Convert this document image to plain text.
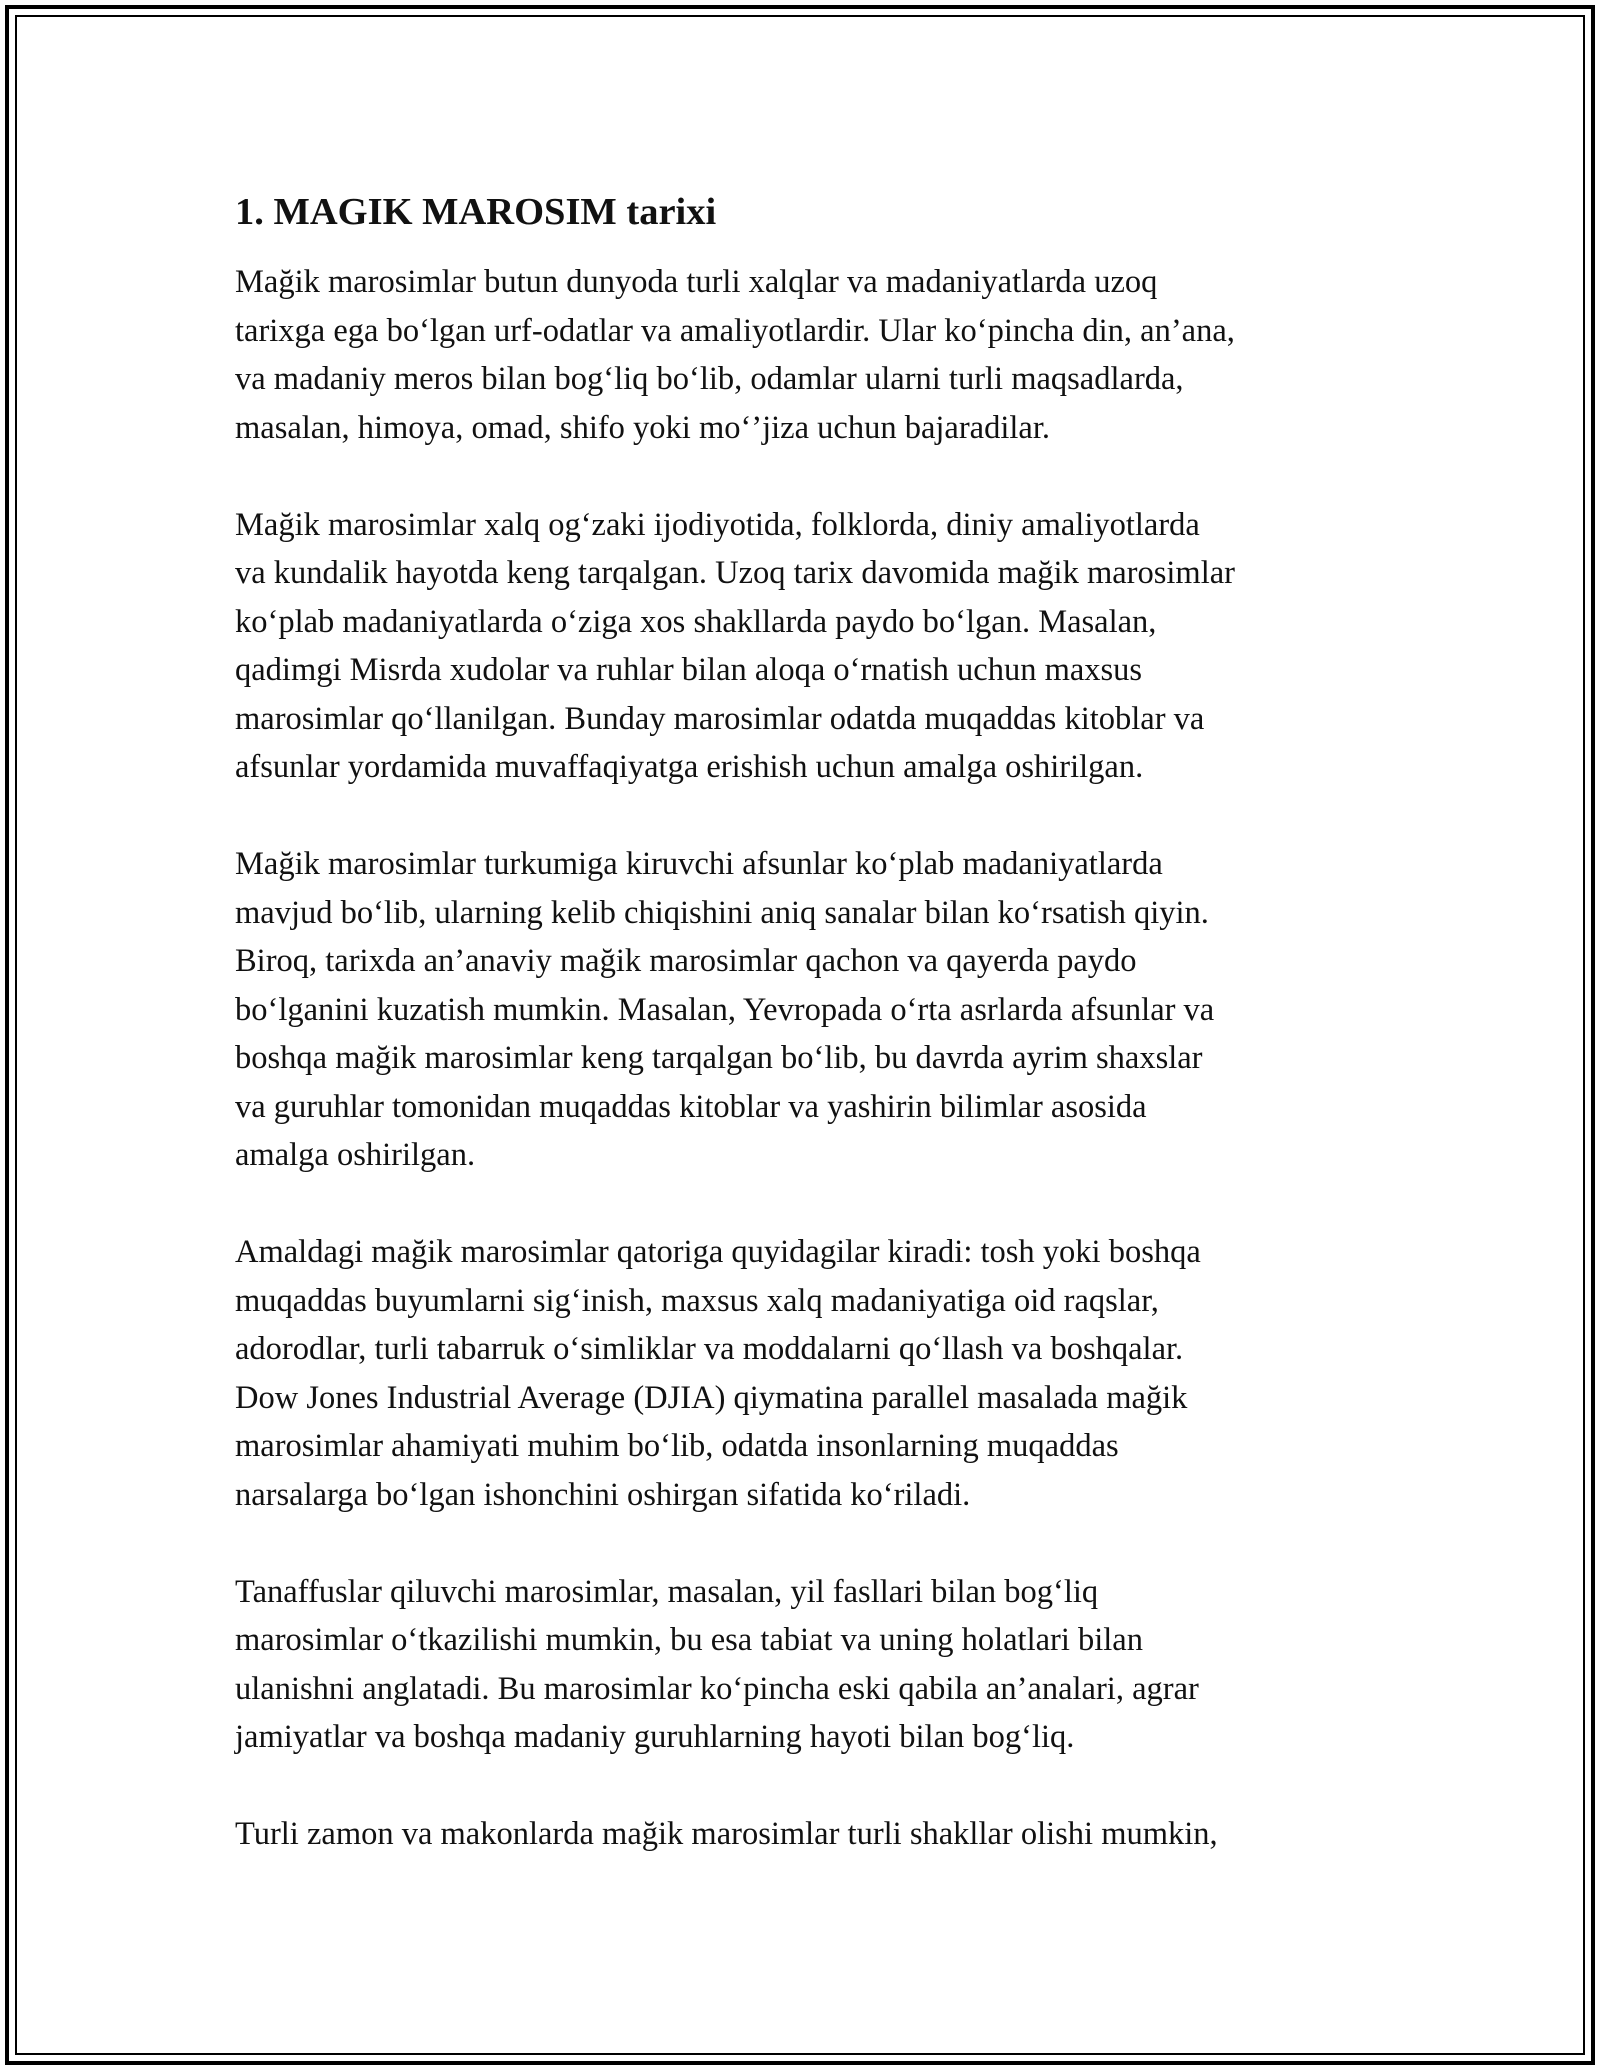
1. MAGIK MAROSIM tarixi

Mağik marosimlar butun dunyoda turli xalqlar va madaniyatlarda uzoq
tarixga ega bo‘lgan urf-odatlar va amaliyotlardir. Ular ko‘pincha din, an’ana,
va madaniy meros bilan bog‘liq bo‘lib, odamlar ularni turli maqsadlarda,
masalan, himoya, omad, shifo yoki mo‘’jiza uchun bajaradilar.

Mağik marosimlar xalq og‘zaki ijodiyotida, folklorda, diniy amaliyotlarda
va kundalik hayotda keng tarqalgan. Uzoq tarix davomida mağik marosimlar
ko‘plab madaniyatlarda o‘ziga xos shakllarda paydo bo‘lgan. Masalan,
qadimgi Misrda xudolar va ruhlar bilan aloqa o‘rnatish uchun maxsus
marosimlar qo‘llanilgan. Bunday marosimlar odatda muqaddas kitoblar va
afsunlar yordamida muvaffaqiyatga erishish uchun amalga oshirilgan.

Mağik marosimlar turkumiga kiruvchi afsunlar ko‘plab madaniyatlarda
mavjud bo‘lib, ularning kelib chiqishini aniq sanalar bilan ko‘rsatish qiyin.
Biroq, tarixda an’anaviy mağik marosimlar qachon va qayerda paydo
bo‘lganini kuzatish mumkin. Masalan, Yevropada o‘rta asrlarda afsunlar va
boshqa mağik marosimlar keng tarqalgan bo‘lib, bu davrda ayrim shaxslar
va guruhlar tomonidan muqaddas kitoblar va yashirin bilimlar asosida
amalga oshirilgan.

Amaldagi mağik marosimlar qatoriga quyidagilar kiradi: tosh yoki boshqa
muqaddas buyumlarni sig‘inish, maxsus xalq madaniyatiga oid raqslar,
adorodlar, turli tabarruk o‘simliklar va moddalarni qo‘llash va boshqalar.
Dow Jones Industrial Average (DJIA) qiymatina parallel masalada mağik
marosimlar ahamiyati muhim bo‘lib, odatda insonlarning muqaddas
narsalarga bo‘lgan ishonchini oshirgan sifatida ko‘riladi.

Tanaffuslar qiluvchi marosimlar, masalan, yil fasllari bilan bog‘liq
marosimlar o‘tkazilishi mumkin, bu esa tabiat va uning holatlari bilan
ulanishni anglatadi. Bu marosimlar ko‘pincha eski qabila an’analari, agrar
jamiyatlar va boshqa madaniy guruhlarning hayoti bilan bog‘liq.

Turli zamon va makonlarda mağik marosimlar turli shakllar olishi mumkin,
